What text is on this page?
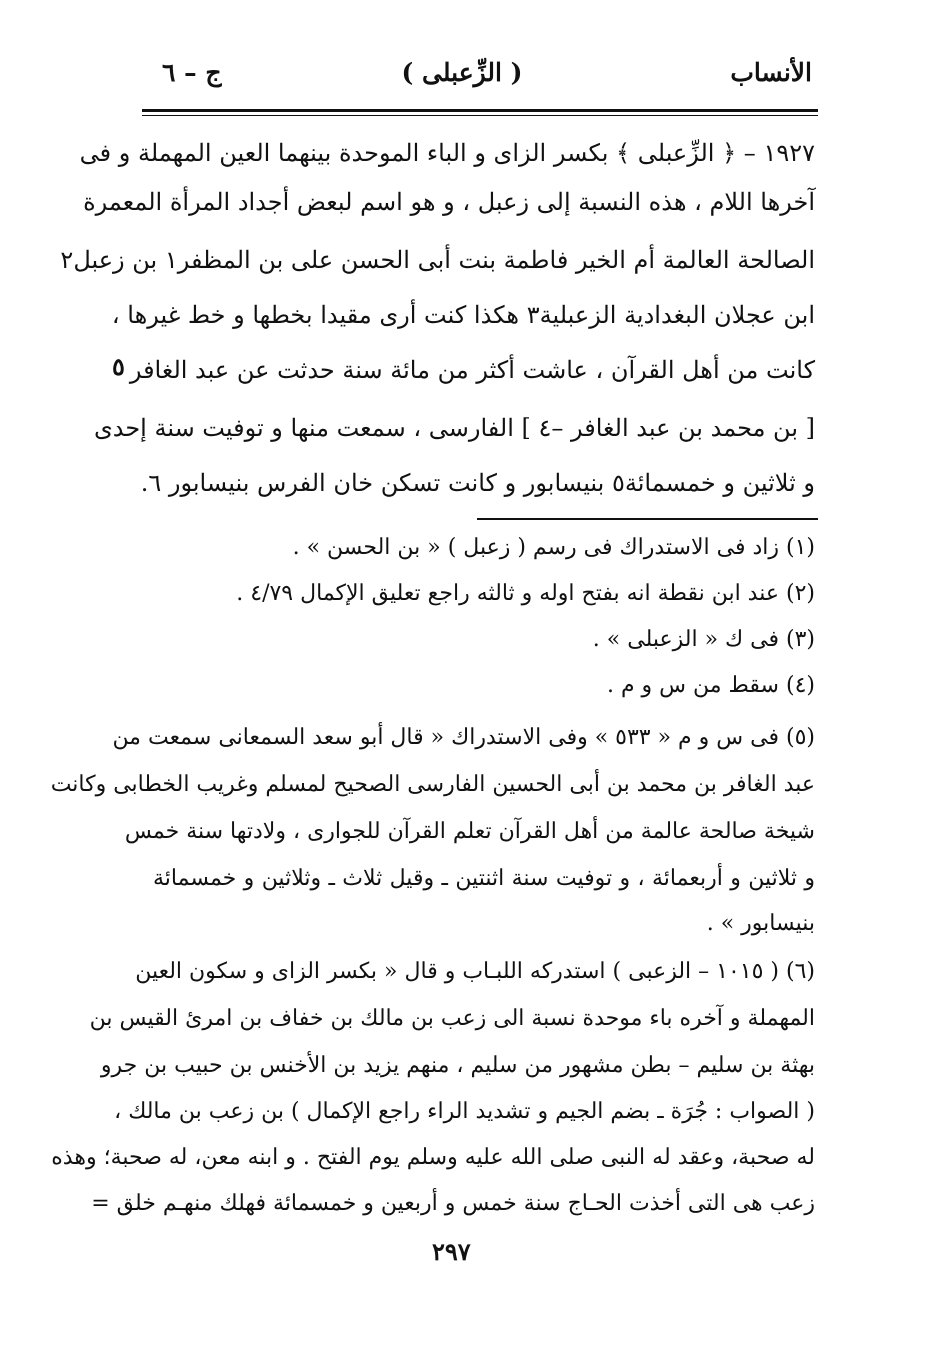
الأنساب
( الزِّعبلى )
ج – ٦
١٩٢٧ – ﴿ الزِّعبلى ﴾ بكسر الزاى و الباء الموحدة بينهما العين المهملة و فى
آخرها اللام ، هذه النسبة إلى زعبل ، و هو اسم لبعض أجداد المرأة المعمرة
الصالحة العالمة أم الخير فاطمة بنت أبى الحسن على بن المظفر١ بن زعبل٢
ابن عجلان البغدادية الزعبلية٣ هكذا كنت أرى مقيدا بخطها و خط غيرها ،
كانت من أهل القرآن ، عاشت أكثر من مائة سنة حدثت عن عبد الغافر
[ بن محمد بن عبد الغافر –٤ ] الفارسى ، سمعت منها و توفيت سنة إحدى
و ثلاثين و خمسمائة٥ بنيسابور و كانت تسكن خان الفرس بنيسابور ٦.
٥
(١) زاد فى الاستدراك فى رسم ( زعبل ) « بن الحسن » .
(٢) عند ابن نقطة انه بفتح اوله و ثالثه راجع تعليق الإكمال ٤/٧٩ .
(٣) فى ك « الزعبلى » .
(٤) سقط من س و م .
(٥) فى س و م « ٥٣٣ » وفى الاستدراك « قال أبو سعد السمعانى سمعت من
عبد الغافر بن محمد بن أبى الحسين الفارسى الصحيح لمسلم وغريب الخطابى وكانت
شيخة صالحة عالمة من أهل القرآن تعلم القرآن للجوارى ، ولادتها سنة خمس
و ثلاثين و أربعمائة ، و توفيت سنة اثنتين ـ وقيل ثلاث ـ وثلاثين و خمسمائة
بنيسابور » .
(٦) ( ١٠١٥ – الزعبى ) استدركه اللبـاب و قال « بكسر الزاى و سكون العين
المهملة و آخره باء موحدة نسبة الى زعب بن مالك بن خفاف بن امرئ القيس بن
بهثة بن سليم – بطن مشهور من سليم ، منهم يزيد بن الأخنس بن حبيب بن جرو
( الصواب : جُرَة ـ بضم الجيم و تشديد الراء راجع الإكمال ) بن زعب بن مالك ،
له صحبة، وعقد له النبى صلى الله عليه وسلم يوم الفتح . و ابنه معن، له صحبة؛ وهذه
زعب هى التى أخذت الحـاج سنة خمس و أربعين و خمسمائة فهلك منهـم خلق =
٢٩٧
